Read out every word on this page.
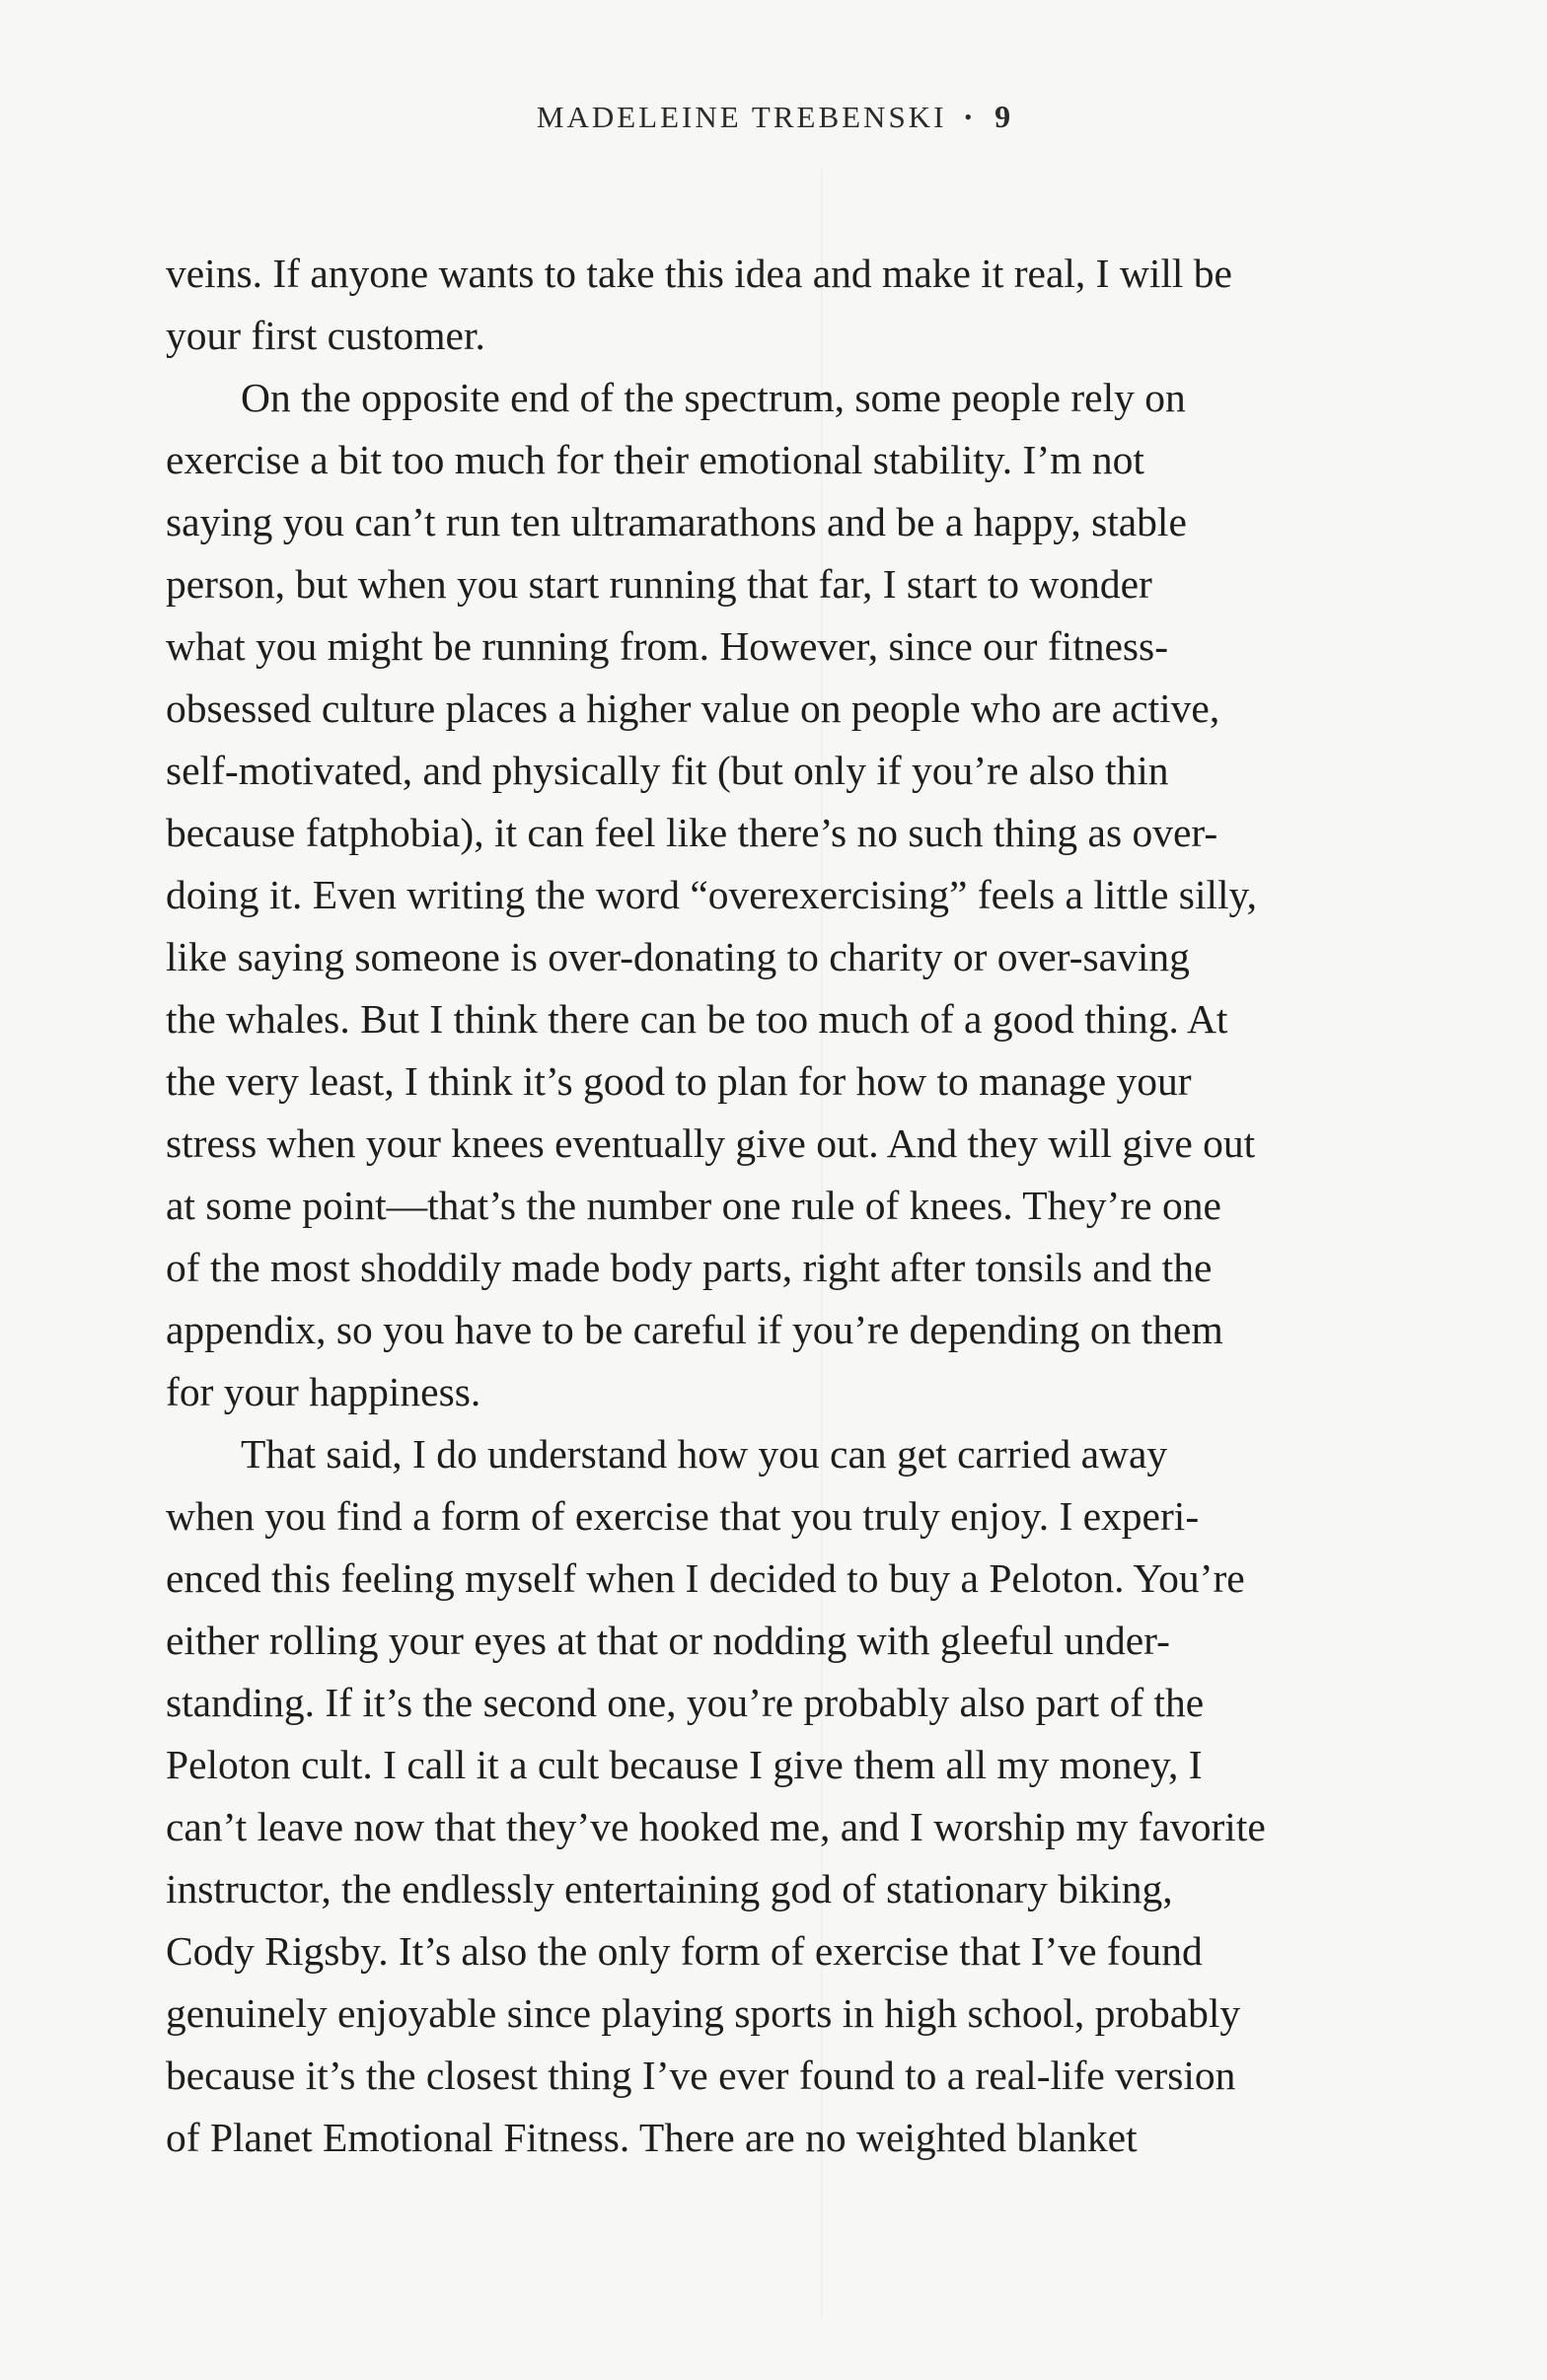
MADELEINE TREBENSKI • 9
veins. If anyone wants to take this idea and make it real, I will be
your first customer.
On the opposite end of the spectrum, some people rely on
exercise a bit too much for their emotional stability. I’m not
saying you can’t run ten ultramarathons and be a happy, stable
person, but when you start running that far, I start to wonder
what you might be running from. However, since our fitness-
obsessed culture places a higher value on people who are active,
self-motivated, and physically fit (but only if you’re also thin
because fatphobia), it can feel like there’s no such thing as over-
doing it. Even writing the word “overexercising” feels a little silly,
like saying someone is over-donating to charity or over-saving
the whales. But I think there can be too much of a good thing. At
the very least, I think it’s good to plan for how to manage your
stress when your knees eventually give out. And they will give out
at some point—that’s the number one rule of knees. They’re one
of the most shoddily made body parts, right after tonsils and the
appendix, so you have to be careful if you’re depending on them
for your happiness.
That said, I do understand how you can get carried away
when you find a form of exercise that you truly enjoy. I experi-
enced this feeling myself when I decided to buy a Peloton. You’re
either rolling your eyes at that or nodding with gleeful under-
standing. If it’s the second one, you’re probably also part of the
Peloton cult. I call it a cult because I give them all my money, I
can’t leave now that they’ve hooked me, and I worship my favorite
instructor, the endlessly entertaining god of stationary biking,
Cody Rigsby. It’s also the only form of exercise that I’ve found
genuinely enjoyable since playing sports in high school, probably
because it’s the closest thing I’ve ever found to a real-life version
of Planet Emotional Fitness. There are no weighted blanket
